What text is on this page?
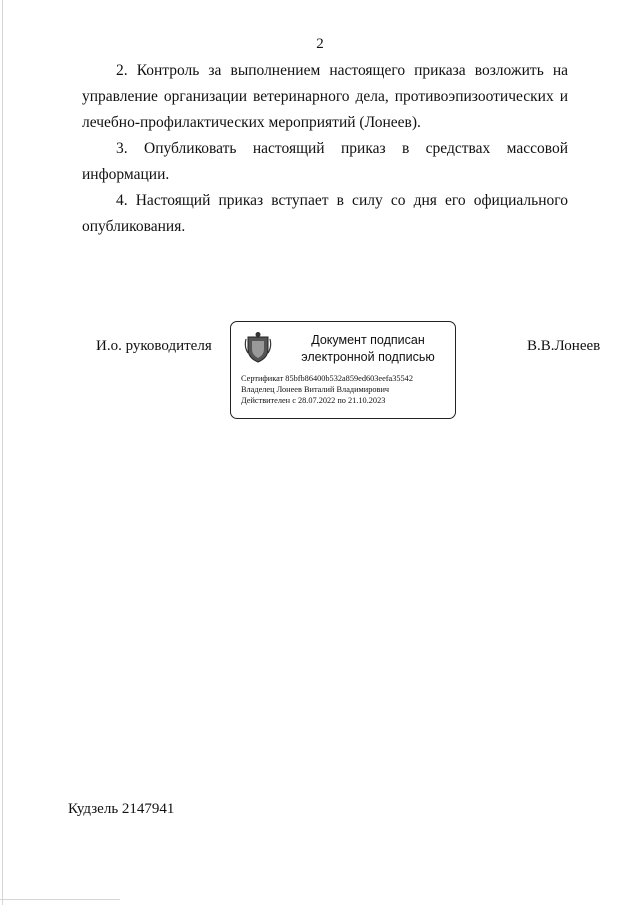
2

2. Контроль за выполнением настоящего приказа возложить на управление организации ветеринарного дела, противоэпизоотических и лечебно-профилактических мероприятий (Лонеев).

3. Опубликовать настоящий приказ в средствах массовой информации.

4. Настоящий приказ вступает в силу со дня его официального опубликования.

И.о. руководителя	Документ подписан
электронной подписью
Сертификат 85bfb86400b532a859ed603eefa35542
Владелец Лонеев Виталий Владимирович
Действителен с 28.07.2022 по 21.10.2023
В.В.Лонеев
Кудзель 2147941
